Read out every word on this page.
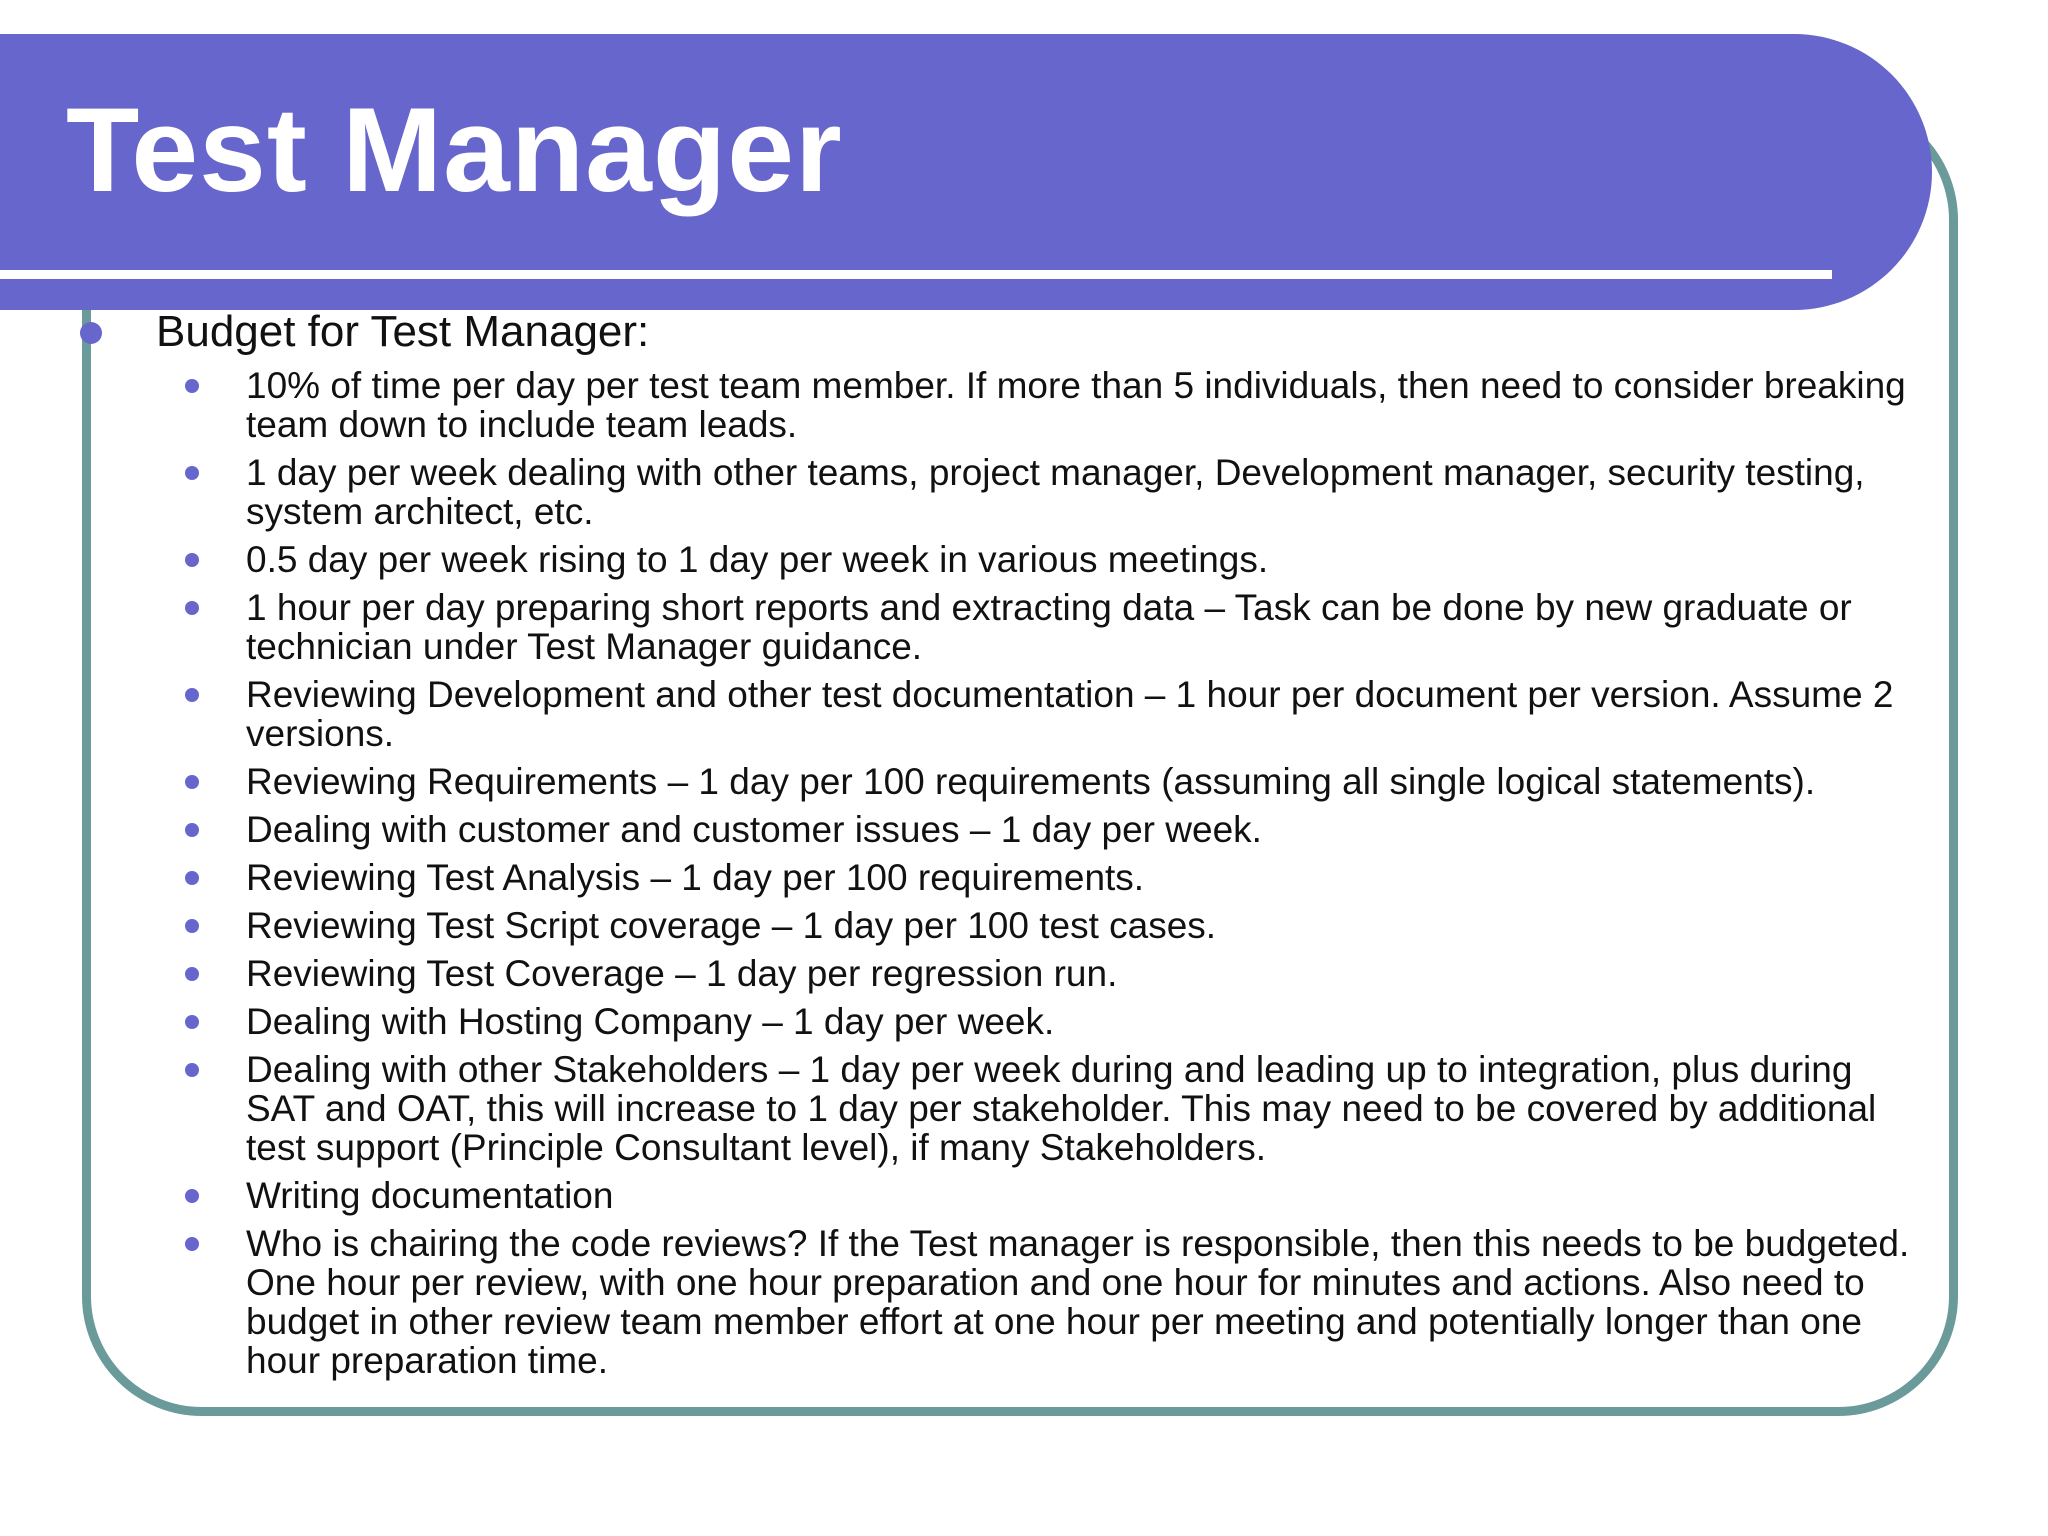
Test Manager
Budget for Test Manager:
10% of time per day per test team member. If more than 5 individuals, then need to consider breaking team down to include team leads.
1 day per week dealing with other teams, project manager, Development manager, security testing, system architect, etc.
0.5 day per week rising to 1 day per week in various meetings.
1 hour per day preparing short reports and extracting data – Task can be done by new graduate or technician under Test Manager guidance.
Reviewing Development and other test documentation – 1 hour per document per version. Assume 2 versions.
Reviewing Requirements – 1 day per 100 requirements (assuming all single logical statements).
Dealing with customer and customer issues – 1 day per week.
Reviewing Test Analysis – 1 day per 100 requirements.
Reviewing Test Script coverage – 1 day per 100 test cases.
Reviewing Test Coverage – 1 day per regression run.
Dealing with Hosting Company – 1 day per week.
Dealing with other Stakeholders – 1 day per week during and leading up to integration, plus during SAT and OAT, this will increase to 1 day per stakeholder. This may need to be covered by additional test support (Principle Consultant level), if many Stakeholders.
Writing documentation
Who is chairing the code reviews? If the Test manager is responsible, then this needs to be budgeted. One hour per review, with one hour preparation and one hour for minutes and actions. Also need to budget in other review team member effort at one hour per meeting and potentially longer than one hour preparation time.
